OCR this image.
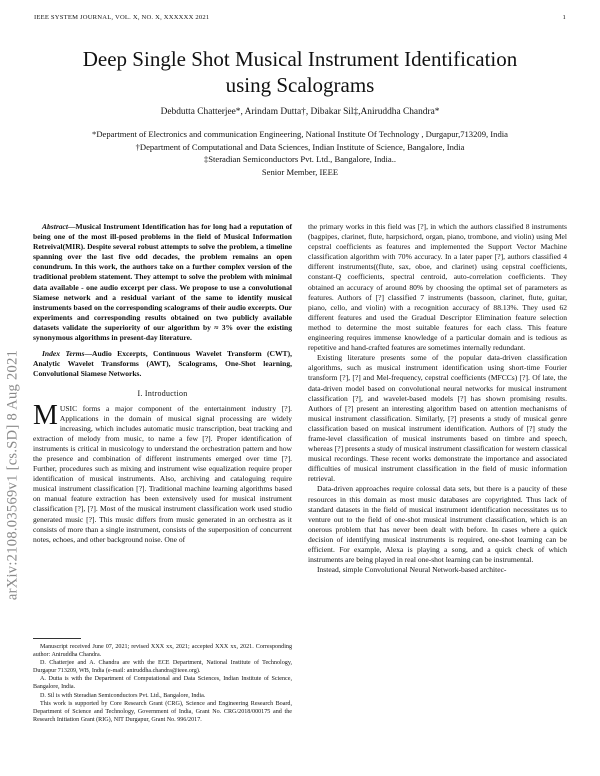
IEEE SYSTEM JOURNAL, VOL. X, NO. X, XXXXXX 2021	1
Deep Single Shot Musical Instrument Identification
using Scalograms
Debdutta Chatterjee*, Arindam Dutta†, Dibakar Sil‡,Aniruddha Chandra*
*Department of Electronics and communication Engineering, National Institute Of Technology , Durgapur,713209, India
†Department of Computational and Data Sciences, Indian Institute of Science, Bangalore, India
‡Steradian Semiconductors Pvt. Ltd., Bangalore, India..
Senior Member, IEEE
arXiv:2108.03569v1 [cs.SD] 8 Aug 2021

Abstract—Musical Instrument Identification has for long had a reputation of being one of the most ill-posed problems in the field of Musical Information Retreival(MIR). Despite several robust attempts to solve the problem, a timeline spanning over the last five odd decades, the problem remains an open conundrum. In this work, the authors take on a further complex version of the traditional problem statement. They attempt to solve the problem with minimal data available - one audio excerpt per class. We propose to use a convolutional Siamese network and a residual variant of the same to identify musical instruments based on the corresponding scalograms of their audio excerpts. Our experiments and corresponding results obtained on two publicly available datasets validate the superiority of our algorithm by ≈ 3% over the existing synonymous algorithms in present-day literature.

Index Terms—Audio Excerpts, Continuous Wavelet Transform (CWT), Analytic Wavelet Transforms (AWT), Scalograms, One-Shot learning, Convolutional Siamese Networks.

I. Introduction

MUSIC forms a major component of the entertainment industry [?]. Applications in the domain of musical signal processing are widely increasing, which includes automatic music transcription, beat tracking and extraction of melody from music, to name a few [?]. Proper identification of instruments is critical in musicology to understand the orchestration pattern and how the presence and combination of different instruments emerged over time [?]. Further, procedures such as mixing and instrument wise equalization require proper identification of musical instruments. Also, archiving and cataloguing require musical instrument classification [?]. Traditional machine learning algorithms based on manual feature extraction has been extensively used for musical instrument classification [?], [?]. Most of the musical instrument classification work used studio generated music [?]. This music differs from music generated in an orchestra as it consists of more than a single instrument, consists of the superposition of concurrent notes, echoes, and other background noise. One of

Manuscript received June 07, 2021; revised XXX xx, 2021; accepted XXX xx, 2021. Corresponding author: Aniruddha Chandra.

D. Chatterjee and A. Chandra are with the ECE Department, National Institute of Technology, Durgapur 713209, WB, India (e-mail: aniruddha.chandra@ieee.org).

A. Dutta is with the Department of Computational and Data Sciences, Indian Institute of Science, Bangalore, India.

D. Sil is with Steradian Semiconductors Pvt. Ltd., Bangalore, India.

This work is supported by Core Research Grant (CRG), Science and Engineering Research Board, Department of Science and Technology, Government of India, Grant No. CRG/2018/000175 and the Research Initiation Grant (RIG), NIT Durgapur, Grant No. 996/2017.

the primary works in this field was [?], in which the authors classified 8 instruments (bagpipes, clarinet, flute, harpsichord, organ, piano, trombone, and violin) using Mel cepstral coefficients as features and implemented the Support Vector Machine classification algorithm with 70% accuracy. In a later paper [?], authors classified 4 different instruments((flute, sax, oboe, and clarinet) using cepstral coefficients, constant-Q coefficients, spectral centroid, auto-correlation coefficients. They obtained an accuracy of around 80% by choosing the optimal set of parameters as features. Authors of [?] classified 7 instruments (bassoon, clarinet, flute, guitar, piano, cello, and violin) with a recognition accuracy of 88.13%. They used 62 different features and used the Gradual Descriptor Elimination feature selection method to determine the most suitable features for each class. This feature engineering requires immense knowledge of a particular domain and is tedious as repetitive and hand-crafted features are sometimes internally redundant.

Existing literature presents some of the popular data-driven classification algorithms, such as musical instrument identification using short-time Fourier transform [?], [?] and Mel-frequency, cepstral coefficients (MFCCs) [?]. Of late, the data-driven model based on convolutional neural networks for musical instrument classification [?], and wavelet-based models [?] has shown promising results. Authors of [?] present an interesting algorithm based on attention mechanisms of musical instrument classification. Similarly, [?] presents a study of musical genre classification based on musical instrument identification. Authors of [?] study the frame-level classification of musical instruments based on timbre and speech, whereas [?] presents a study of musical instrument classification for western classical musical recordings. These recent works demonstrate the importance and associated difficulties of musical instrument classification in the field of music information retrieval.

Data-driven approaches require colossal data sets, but there is a paucity of these resources in this domain as most music databases are copyrighted. Thus lack of standard datasets in the field of musical instrument identification necessitates us to venture out to the field of one-shot musical instrument classification, which is an onerous problem that has never been dealt with before. In cases where a quick decision of identifying musical instruments is required, one-shot learning can be efficient. For example, Alexa is playing a song, and a quick check of which instruments are being played in real one-shot learning can be instrumental.

Instead, simple Convolutional Neural Network-based architec-
